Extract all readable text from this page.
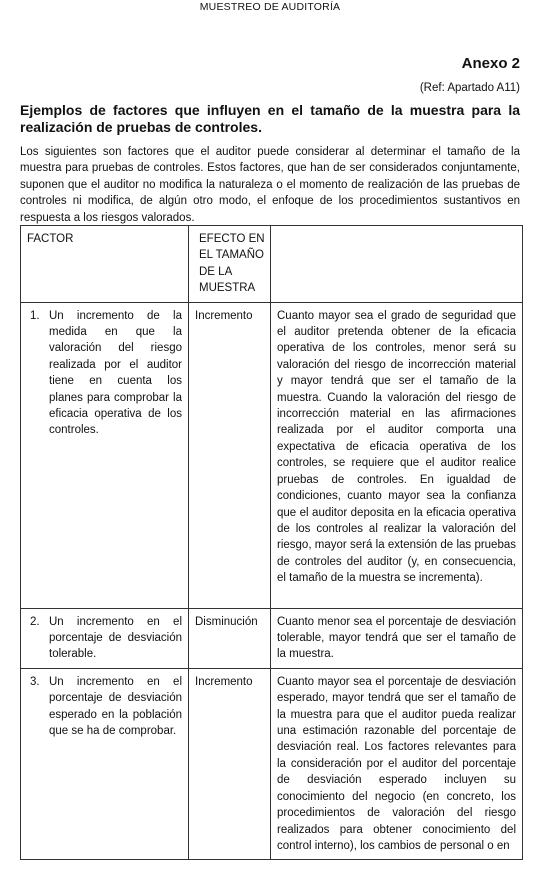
MUESTREO DE AUDITORÍA
Anexo 2
(Ref: Apartado A11)
Ejemplos de factores que influyen en el tamaño de la muestra para la realización de pruebas de controles.
Los siguientes son factores que el auditor puede considerar al determinar el tamaño de la muestra para pruebas de controles. Estos factores, que han de ser considerados conjuntamente, suponen que el auditor no modifica la naturaleza o el momento de realización de las pruebas de controles ni modifica, de algún otro modo, el enfoque de los procedimientos sustantivos en respuesta a los riesgos valorados.
FACTOR	EFECTO EN EL TAMAÑO DE LA MUESTRA	

1. Un incremento de la medida en que la valoración del riesgo realizada por el auditor tiene en cuenta los planes para comprobar la eficacia operativa de los controles.	Incremento	Cuanto mayor sea el grado de seguridad que el auditor pretenda obtener de la eficacia operativa de los controles, menor será su valoración del riesgo de incorrección material y mayor tendrá que ser el tamaño de la muestra. Cuando la valoración del riesgo de incorrección material en las afirmaciones realizada por el auditor comporta una expectativa de eficacia operativa de los controles, se requiere que el auditor realice pruebas de controles. En igualdad de condiciones, cuanto mayor sea la confianza que el auditor deposita en la eficacia operativa de los controles al realizar la valoración del riesgo, mayor será la extensión de las pruebas de controles del auditor (y, en consecuencia, el tamaño de la muestra se incrementa).

2. Un incremento en el porcentaje de desviación tolerable.	Disminución	Cuanto menor sea el porcentaje de desviación tolerable, mayor tendrá que ser el tamaño de la muestra.

3. Un incremento en el porcentaje de desviación esperado en la población que se ha de comprobar.	Incremento	Cuanto mayor sea el porcentaje de desviación esperado, mayor tendrá que ser el tamaño de la muestra para que el auditor pueda realizar una estimación razonable del porcentaje de desviación real. Los factores relevantes para la consideración por el auditor del porcentaje de desviación esperado incluyen su conocimiento del negocio (en concreto, los procedimientos de valoración del riesgo realizados para obtener conocimiento del control interno), los cambios de personal o en
